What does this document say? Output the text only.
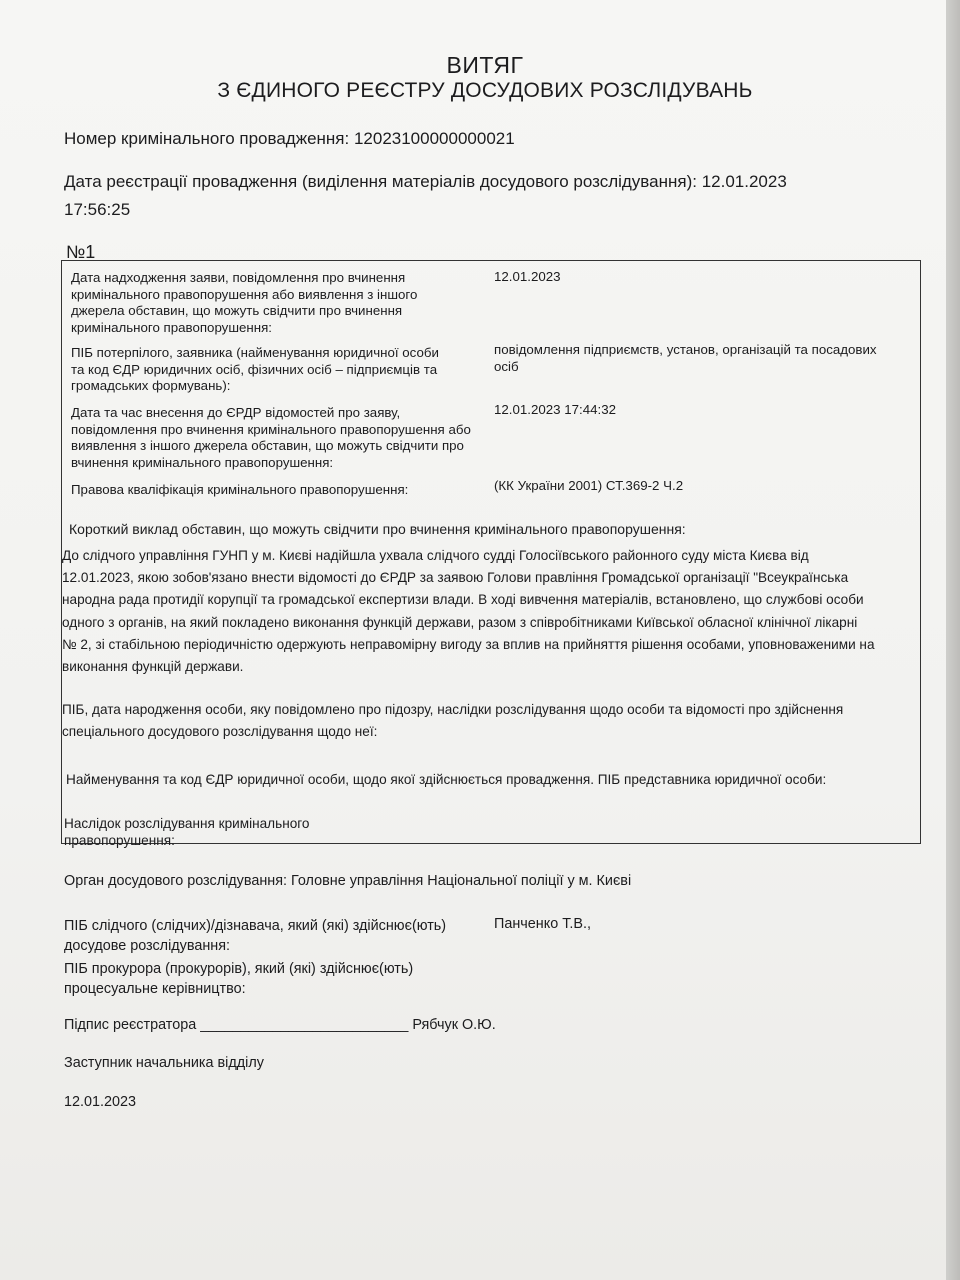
ВИТЯГ
З ЄДИНОГО РЕЄСТРУ ДОСУДОВИХ РОЗСЛІДУВАНЬ
Номер кримінального провадження: 12023100000000021
Дата реєстрації провадження (виділення матеріалів досудового розслідування): 12.01.2023
17:56:25
№1

Дата надходження заяви, повідомлення про вчинення

кримінального правопорушення або виявлення з іншого

джерела обставин, що можуть свідчити про вчинення

кримінального правопорушення:

12.01.2023

ПІБ потерпілого, заявника (найменування юридичної особи

та код ЄДР юридичних осіб, фізичних осіб – підприємців та

громадських формувань):

повідомлення підприємств, установ, організацій та посадових

осіб

Дата та час внесення до ЄРДР відомостей про заяву,

повідомлення про вчинення кримінального правопорушення або

виявлення з іншого джерела обставин, що можуть свідчити про

вчинення кримінального правопорушення:

12.01.2023 17:44:32

Правова кваліфікація кримінального правопорушення:	(КК України 2001) СТ.369-2 Ч.2

Короткий виклад обставин, що можуть свідчити про вчинення кримінального правопорушення:
До слідчого управління ГУНП у м. Києві надійшла ухвала слідчого судді Голосіївського районного суду міста Києва від
12.01.2023, якою зобов'язано внести відомості до ЄРДР за заявою Голови правління Громадської організації "Всеукраїнська
народна рада протидії корупції та громадської експертизи влади. В ході вивчення матеріалів, встановлено, що службові особи
одного з органів, на який покладено виконання функцій держави, разом з співробітниками Київської обласної клінічної лікарні
№ 2, зі стабільною періодичністю одержують неправомірну вигоду за вплив на прийняття рішення особами, уповноваженими на
виконання функцій держави.
ПІБ, дата народження особи, яку повідомлено про підозру, наслідки розслідування щодо особи та відомості про здійснення
спеціального досудового розслідування щодо неї:
Найменування та код ЄДР юридичної особи, щодо якої здійснюється провадження. ПІБ представника юридичної особи:

Наслідок розслідування кримінального

правопорушення:

Орган досудового розслідування: Головне управління Національної поліції у м. Києві
ПІБ слідчого (слідчих)/дізнавача, який (які) здійснює(ють)
досудове розслідування:
Панченко Т.В.,
ПІБ прокурора (прокурорів), який (які) здійснює(ють)
процесуальне керівництво:
Підпис реєстратора __________________________ Рябчук О.Ю.
Заступник начальника відділу
12.01.2023
